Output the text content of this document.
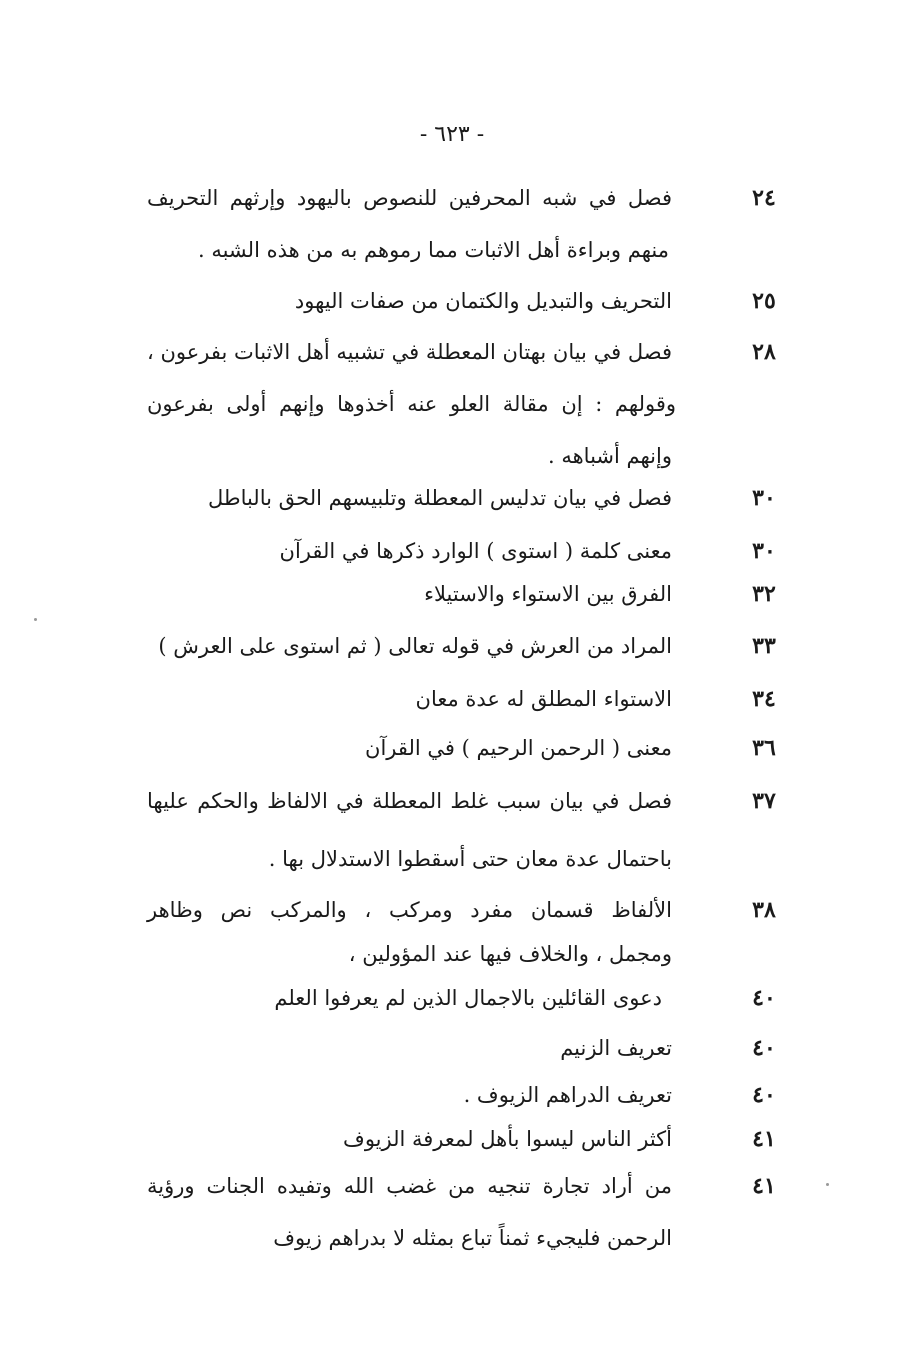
- ٦٢٣ -
٢٤
فصل في شبه المحرفين للنصوص باليهود وإرثهم التحريف
منهم وبراءة أهل الاثبات مما رموهم به من هذه الشبه .
٢٥
التحريف والتبديل والكتمان من صفات اليهود
٢٨
فصل في بيان بهتان المعطلة في تشبيه أهل الاثبات بفرعون ،
وقولهم : إن مقالة العلو عنه أخذوها وإنهم أولى بفرعون
وإنهم أشباهه .
٣٠
فصل في بيان تدليس المعطلة وتلبيسهم الحق بالباطل
٣٠
معنى كلمة ( استوى ) الوارد ذكرها في القرآن
٣٢
الفرق بين الاستواء والاستيلاء
٣٣
المراد من العرش في قوله تعالى ( ثم استوى على العرش )
٣٤
الاستواء المطلق له عدة معان
٣٦
معنى ( الرحمن الرحيم ) في القرآن
٣٧
فصل في بيان سبب غلط المعطلة في الالفاظ والحكم عليها
باحتمال عدة معان حتى أسقطوا الاستدلال بها .
٣٨
الألفاظ قسمان مفرد ومركب ، والمركب نص وظاهر
ومجمل ، والخلاف فيها عند المؤولين ،
٤٠
دعوى القائلين بالاجمال الذين لم يعرفوا العلم
٤٠
تعريف الزنيم
٤٠
تعريف الدراهم الزيوف .
٤١
أكثر الناس ليسوا بأهل لمعرفة الزيوف
٤١
من أراد تجارة تنجيه من غضب الله وتفيده الجنات ورؤية
الرحمن فليجيء ثمناً تباع بمثله لا بدراهم زيوف
